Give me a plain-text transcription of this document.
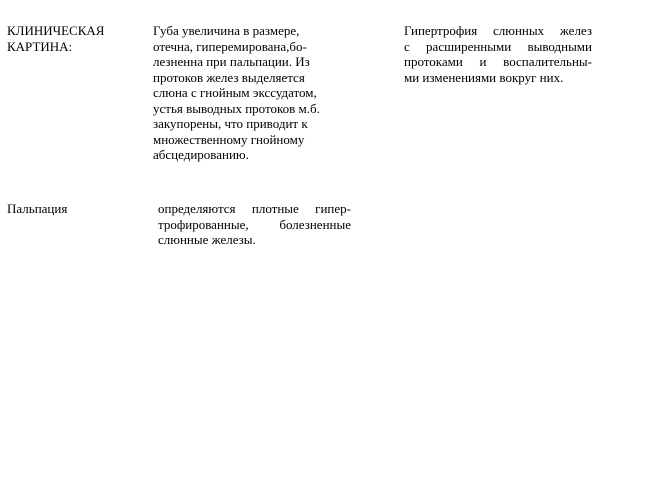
КЛИНИЧЕСКАЯ
КАРТИНА:
Губа увеличина в размере,
отечна, гиперемирована,бо-
лезненна при пальпации. Из
протоков желез выделяется
слюна с гнойным экссудатом,
устья выводных протоков м.б.
закупорены, что приводит к
множественному гнойному
абсцедированию.
Гипертрофия слюнных желез
с расширенными выводными
протоками и воспалительны-
ми изменениями вокруг них.
Пальпация	определяются плотные гипер-
трофированные, болезненные
слюнные железы.
